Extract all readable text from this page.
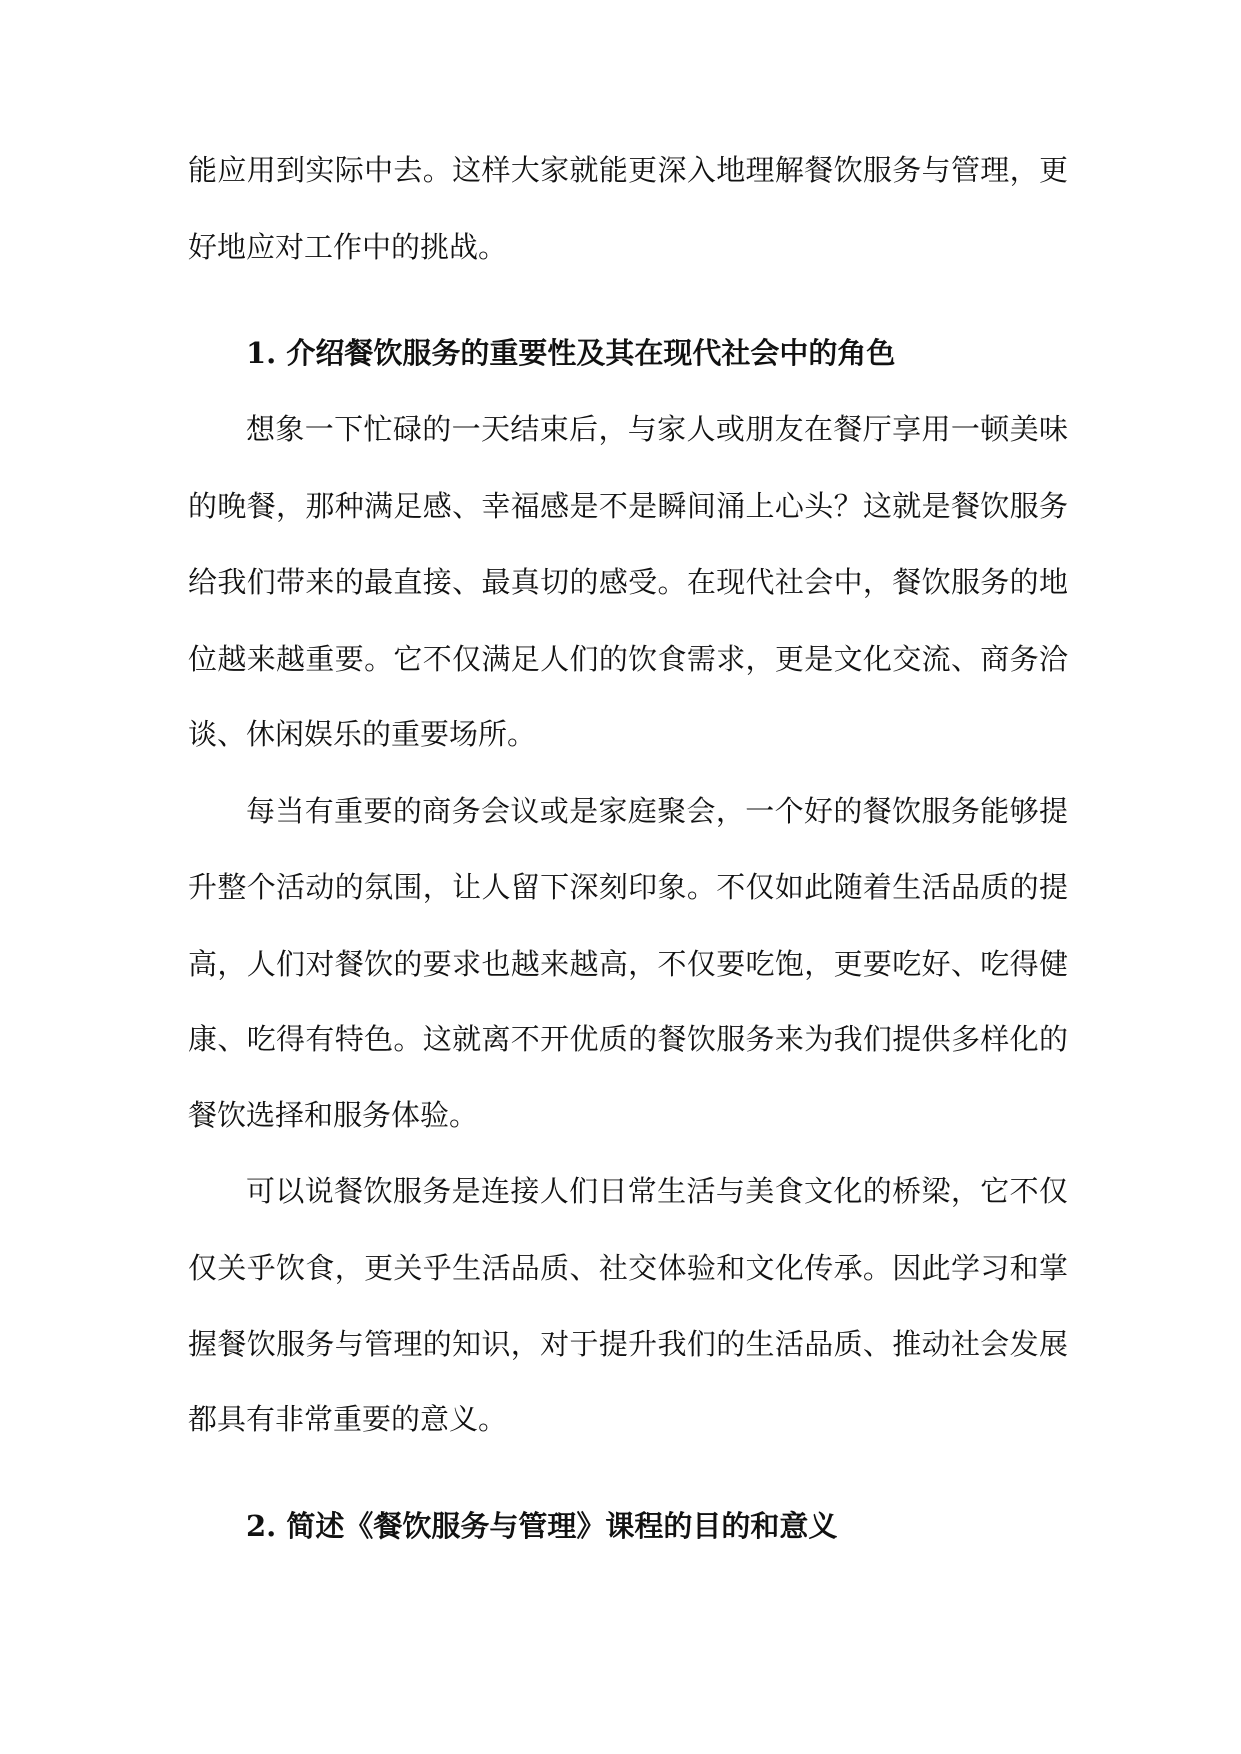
能应用到实际中去。这样大家就能更深入地理解餐饮服务与管理，更
好地应对工作中的挑战。
1. 介绍餐饮服务的重要性及其在现代社会中的角色
想象一下忙碌的一天结束后，与家人或朋友在餐厅享用一顿美味
的晚餐，那种满足感、幸福感是不是瞬间涌上心头？这就是餐饮服务
给我们带来的最直接、最真切的感受。在现代社会中，餐饮服务的地
位越来越重要。它不仅满足人们的饮食需求，更是文化交流、商务洽
谈、休闲娱乐的重要场所。
每当有重要的商务会议或是家庭聚会，一个好的餐饮服务能够提
升整个活动的氛围，让人留下深刻印象。不仅如此随着生活品质的提
高，人们对餐饮的要求也越来越高，不仅要吃饱，更要吃好、吃得健
康、吃得有特色。这就离不开优质的餐饮服务来为我们提供多样化的
餐饮选择和服务体验。
可以说餐饮服务是连接人们日常生活与美食文化的桥梁，它不仅
仅关乎饮食，更关乎生活品质、社交体验和文化传承。因此学习和掌
握餐饮服务与管理的知识，对于提升我们的生活品质、推动社会发展
都具有非常重要的意义。
2. 简述《餐饮服务与管理》课程的目的和意义
